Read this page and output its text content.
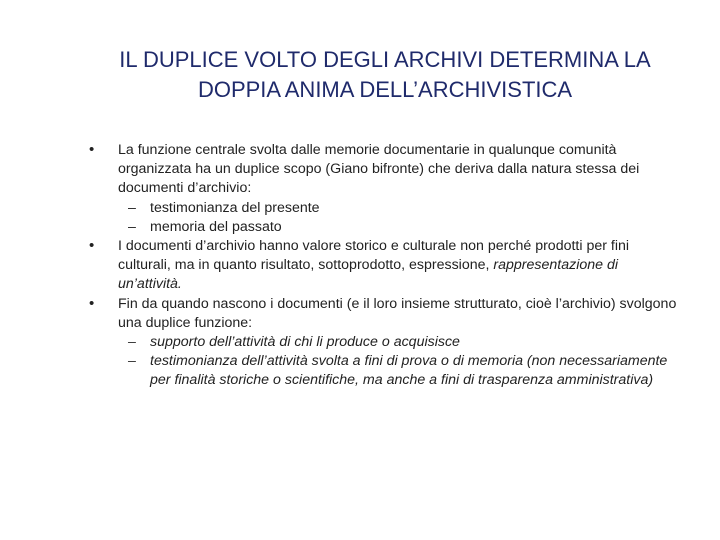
IL DUPLICE VOLTO DEGLI ARCHIVI DETERMINA LA
DOPPIA ANIMA DELL’ARCHIVISTICA

• La funzione centrale svolta dalle memorie documentarie in qualunque comunità organizzata ha un duplice scopo (Giano bifronte) che deriva dalla natura stessa dei documenti d’archivio:

– testimonianza del presente

– memoria del passato

• I documenti d’archivio hanno valore storico e culturale non perché prodotti per fini culturali, ma in quanto risultato, sottoprodotto, espressione, rappresentazione di un’attività.

• Fin da quando nascono i documenti (e il loro insieme strutturato, cioè l’archivio) svolgono una duplice funzione:

– supporto dell’attività di chi li produce o acquisisce

– testimonianza dell’attività svolta a fini di prova o di memoria (non necessariamente per finalità storiche o scientifiche, ma anche a fini di trasparenza amministrativa)
